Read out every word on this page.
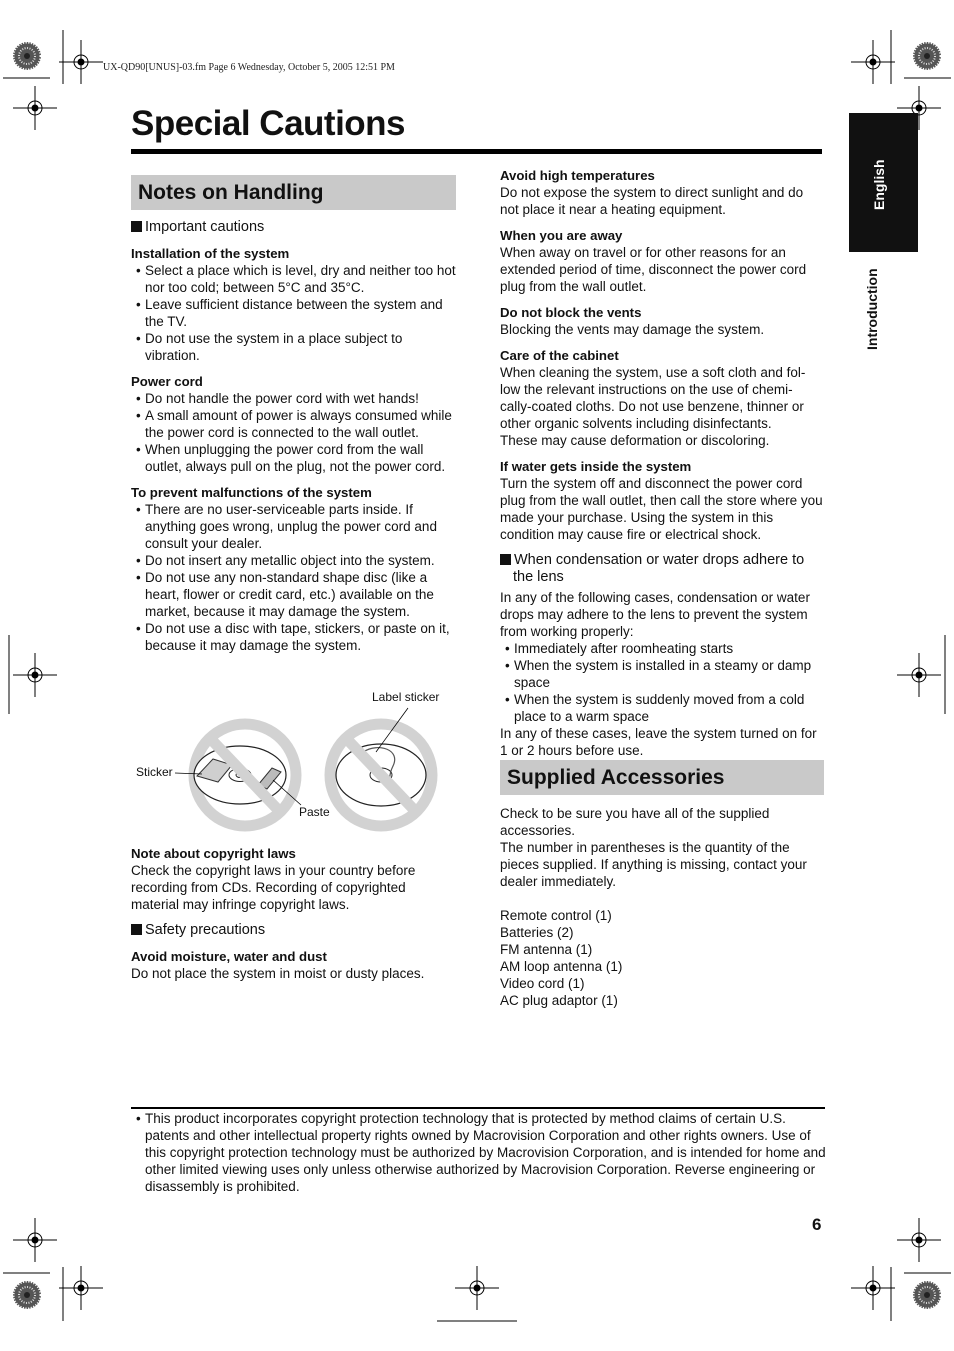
UX-QD90[UNUS]-03.fm Page 6 Wednesday, October 5, 2005 12:51 PM
Special Cautions
English
Introduction
Notes on Handling

Important cautions

Installation of the system

• Select a place which is level, dry and neither too hot nor too cold; between 5°C and 35°C.
• Leave sufficient distance between the system and the TV.
• Do not use the system in a place subject to vibration.

Power cord

• Do not handle the power cord with wet hands!
• A small amount of power is always consumed while the power cord is connected to the wall outlet.
• When unplugging the power cord from the wall outlet, always pull on the plug, not the power cord.

To prevent malfunctions of the system

• There are no user-serviceable parts inside. If anything goes wrong, unplug the power cord and consult your dealer.
• Do not insert any metallic object into the system.
• Do not use any non-standard shape disc (like a heart, flower or credit card, etc.) available on the market, because it may damage the system.
• Do not use a disc with tape, stickers, or paste on it, because it may damage the system.
Label sticker
Sticker
Paste

Note about copyright laws

Check the copyright laws in your country before recording from CDs. Recording of copyrighted material may infringe copyright laws.

Safety precautions

Avoid moisture, water and dust

Do not place the system in moist or dusty places.

Avoid high temperatures

Do not expose the system to direct sunlight and do not place it near a heating equipment.

When you are away

When away on travel or for other reasons for an extended period of time, disconnect the power cord plug from the wall outlet.

Do not block the vents

Blocking the vents may damage the system.

Care of the cabinet

When cleaning the system, use a soft cloth and fol-
low the relevant instructions on the use of chemi-
cally-coated cloths. Do not use benzene, thinner or
other organic solvents including disinfectants.
These may cause deformation or discoloring.

If water gets inside the system

Turn the system off and disconnect the power cord plug from the wall outlet, then call the store where you made your purchase. Using the system in this condition may cause fire or electrical shock.

When condensation or water drops adhere to the lens

In any of the following cases, condensation or water drops may adhere to the lens to prevent the system from working properly:

• Immediately after roomheating starts
• When the system is installed in a steamy or damp space
• When the system is suddenly moved from a cold place to a warm space

In any of these cases, leave the system turned on for 1 or 2 hours before use.

Supplied Accessories

Check to be sure you have all of the supplied accessories.

The number in parentheses is the quantity of the pieces supplied. If anything is missing, contact your dealer immediately.

Remote control (1)
Batteries (2)
FM antenna (1)
AM loop antenna (1)
Video cord (1)
AC plug adaptor (1)
• This product incorporates copyright protection technology that is protected by method claims of certain U.S. patents and other intellectual property rights owned by Macrovision Corporation and other rights owners. Use of this copyright protection technology must be authorized by Macrovision Corporation, and is intended for home and other limited viewing uses only unless otherwise authorized by Macrovision Corporation. Reverse engineering or disassembly is prohibited.
6
